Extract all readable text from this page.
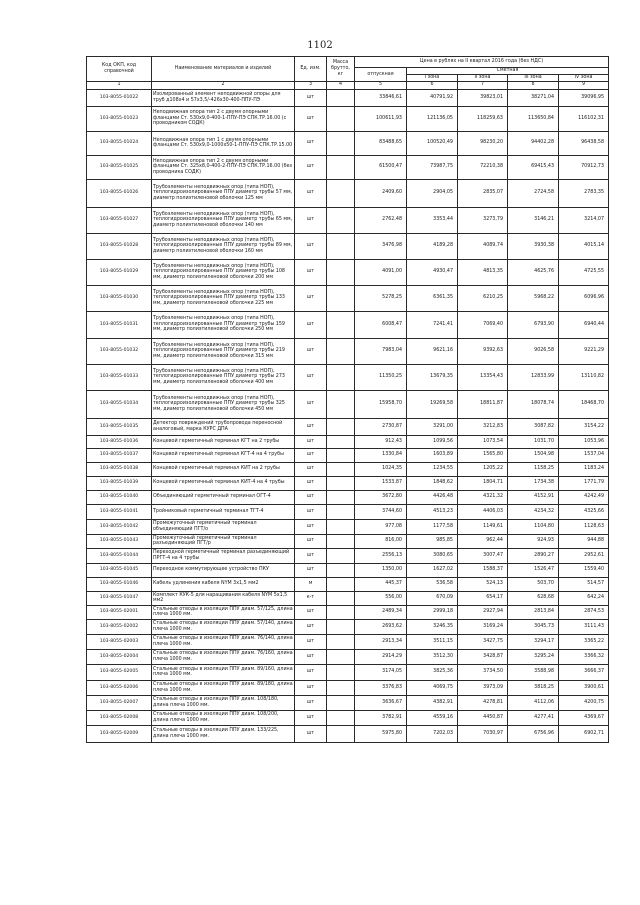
1102
Код ОКП, код справочной	Наименование материалов и изделий	Ед. изм.	Масса брутто, кг	Цена в рублях на II квартал 2016 года (без НДС)				
				отпускная	Сметная			
					I зона	II зона	III зона	IV зона
1	2	3	4	5	6	7	8	9
103-8055-01022	Изолированный элемент неподвижной опоры для труб д108х4 и 57х3,5/-426х30-400-ППУ-ПЭ	шт		33846,61	40791,92	39823,01	38271,04	39096,95
103-8055-01023	Неподвижная опора тип 2 с двумя опорными фланцами Ст. 530х9,0-400-1-ППУ-ПЭ СПК.ТР.16.00 (с проводником СОДК)	шт		100611,93	121136,05	118259,63	113650,84	116102,31
103-8055-01024	Неподвижная опора тип 1 с двумя опорными фланцами Ст. 530х9,0-1000х50-1-ППУ-ПЭ СПК.ТР.15.00	шт		83488,65	100520,49	98230,20	94402,28	96438,58
103-8055-01025	Неподвижная опора тип 2 с двумя опорными фланцами Ст. 325х8,0-400-2-ППУ-ПЭ СПК.ТР.16.00 (без проводника СОДК)	шт		61500,47	73987,75	72210,38	69415,43	70912,73
103-8055-01026	Трубоэлементы неподвижных опор (типа НОП), теплогидроизолированные ППУ диаметр трубы 57 мм, диаметр полиэтиленовой оболочки 125 мм	шт		2409,60	2904,05	2835,07	2724,58	2783,35
103-8055-01027	Трубоэлементы неподвижных опор (типа НОП), теплогидроизолированные ППУ диаметр трубы 65 мм, диаметр полиэтиленовой оболочки 140 мм	шт		2762,48	3353,44	3273,79	3146,21	3214,07
103-8055-01028	Трубоэлементы неподвижных опор (типа НОП), теплогидроизолированные ППУ диаметр трубы 89 мм, диаметр полиэтиленовой оболочки 160 мм	шт		3476,98	4189,28	4089,74	3930,38	4015,14
103-8055-01029	Трубоэлементы неподвижных опор (типа НОП), теплогидроизолированные ППУ диаметр трубы 108 мм, диаметр полиэтиленовой оболочки 200 мм	шт		4091,00	4930,47	4813,35	4625,76	4725,55
103-8055-01030	Трубоэлементы неподвижных опор (типа НОП), теплогидроизолированные ППУ диаметр трубы 133 мм, диаметр полиэтиленовой оболочки 225 мм	шт		5278,25	6361,35	6210,25	5968,22	6096,96
103-8055-01031	Трубоэлементы неподвижных опор (типа НОП), теплогидроизолированные ППУ диаметр трубы 159 мм, диаметр полиэтиленовой оболочки 250 мм	шт		6008,47	7241,41	7069,40	6793,90	6940,44
103-8055-01032	Трубоэлементы неподвижных опор (типа НОП), теплогидроизолированные ППУ диаметр трубы 219 мм, диаметр полиэтиленовой оболочки 315 мм	шт		7983,04	9621,16	9392,63	9026,58	9221,29
103-8055-01033	Трубоэлементы неподвижных опор (типа НОП), теплогидроизолированные ППУ диаметр трубы 273 мм, диаметр полиэтиленовой оболочки 400 мм	шт		11350,25	13679,35	13354,43	12833,99	13110,82
103-8055-01034	Трубоэлементы неподвижных опор (типа НОП), теплогидроизолированные ППУ диаметр трубы 325 мм, диаметр полиэтиленовой оболочки 450 мм	шт		15958,70	19269,58	18811,87	18078,74	18468,70
103-8055-01035	Детектор повреждений трубопровода переносной аналоговый, марка КУРС ДПА	шт		2730,87	3291,00	3212,83	3087,82	3154,22
103-8055-01036	Концевой герметичный терминал КГТ на 2 трубы	шт		912,43	1099,56	1073,54	1031,70	1053,96
103-8055-01037	Концевой герметичный терминал КГТ-4 на 4 трубы	шт		1330,84	1603,89	1565,80	1504,98	1537,04
103-8055-01038	Концевой герметичный терминал КИТ на 2 трубы	шт		1024,35	1234,55	1205,22	1158,25	1183,24
103-8055-01039	Концевой герметичный терминал КИТ-4 на 4 трубы	шт		1533,87	1848,62	1804,71	1734,38	1771,79
103-8055-01040	Объединяющий герметичный терминал ОГТ-4	шт		3672,80	4426,48	4321,32	4152,91	4242,49
103-8055-01041	Тройниковый герметичный терминал ТГТ-4	шт		3744,60	4513,23	4406,03	4234,32	4325,66
103-8055-01042	Промежуточный герметичный терминал объединяющий ПГТ/о	шт		977,08	1177,58	1149,61	1104,80	1128,63
103-8055-01043	Промежуточный герметичный терминал разъединяющий ПГТ/р	шт		816,00	985,85	962,44	924,93	944,88
103-8055-01044	Переходной герметичный терминал разъединяющий ПРГТ-4 на 4 трубы	шт		2556,13	3080,65	3007,47	2890,27	2952,61
103-8055-01045	Переходное коммутирующее устройство ПКУ	шт		1350,00	1627,02	1588,37	1526,47	1559,40
103-8055-01046	Кабель удлинения кабеля NYM 3х1,5 мм2	м		445,37	536,58	524,13	503,70	514,57
103-8055-01047	Комплект КУК-5 для наращивания кабеля NYM 5х1,5 мм2	к-т		556,00	670,09	654,17	628,68	642,24
103-8055-02001	Стальные отводы в изоляции ППУ диам. 57/125, длина плеча 1000 мм.	шт		2489,34	2999,18	2927,94	2813,84	2874,53
103-8055-02002	Стальные отводы в изоляции ППУ диам. 57/140, длина плеча 1000 мм.	шт		2693,62	3246,35	3169,24	3045,73	3111,43
103-8055-02003	Стальные отводы в изоляции ППУ диам. 76/140, длина плеча 1000 мм.	шт		2913,34	3511,15	3427,75	3294,17	3365,22
103-8055-02004	Стальные отводы в изоляции ППУ диам. 76/160, длина плеча 1000 мм.	шт		2914,29	3512,30	3428,87	3295,24	3366,32
103-8055-02005	Стальные отводы в изоляции ППУ диам. 89/160, длина плеча 1000 мм.	шт		3174,05	3825,36	3734,50	3588,98	3666,37
103-8055-02006	Стальные отводы в изоляции ППУ диам. 89/180, длина плеча 1000 мм.	шт		3376,83	4069,75	3973,09	3818,25	3900,61
103-8055-02007	Стальные отводы в изоляции ППУ диам. 108/180, длина плеча 1000 мм.	шт		3636,67	4382,91	4278,81	4112,06	4200,75
103-8055-02008	Стальные отводы в изоляции ППУ диам. 108/200, длина плеча 1000 мм.	шт		3782,91	4559,16	4450,87	4277,41	4369,67
103-8055-02009	Стальные отводы в изоляции ППУ диам. 133/225, длина плеча 1000 мм.	шт		5975,80	7202,03	7030,97	6756,96	6902,71
